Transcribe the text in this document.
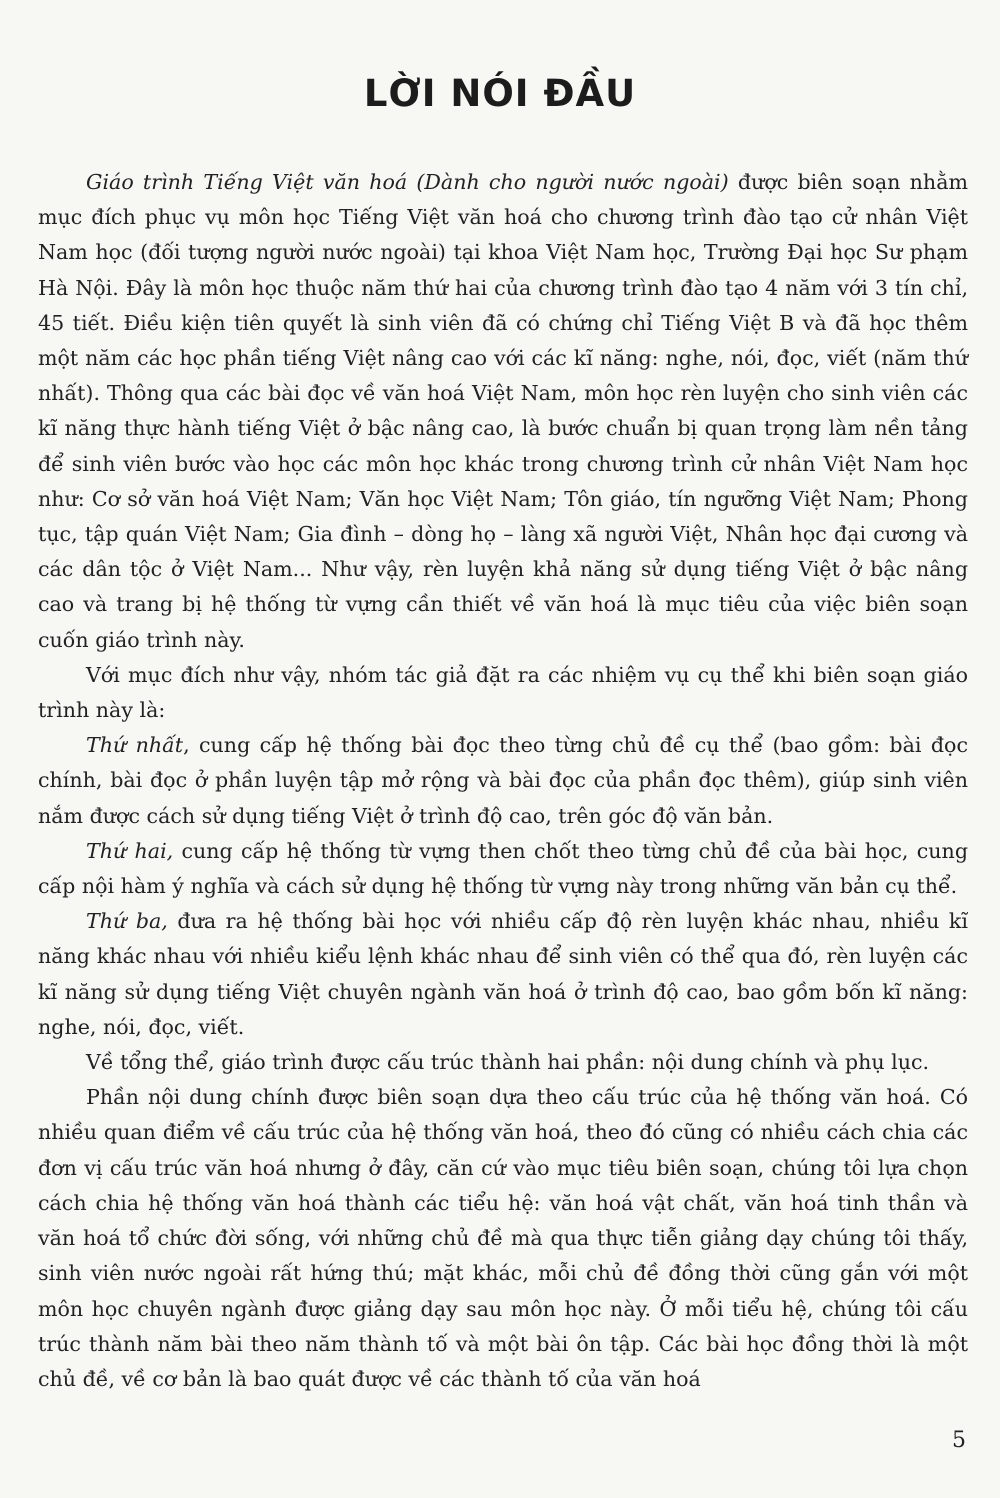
LỜI NÓI ĐẦU

Giáo trình Tiếng Việt văn hoá (Dành cho người nước ngoài) được biên soạn nhằm mục đích phục vụ môn học Tiếng Việt văn hoá cho chương trình đào tạo cử nhân Việt Nam học (đối tượng người nước ngoài) tại khoa Việt Nam học, Trường Đại học Sư phạm Hà Nội. Đây là môn học thuộc năm thứ hai của chương trình đào tạo 4 năm với 3 tín chỉ, 45 tiết. Điều kiện tiên quyết là sinh viên đã có chứng chỉ Tiếng Việt B và đã học thêm một năm các học phần tiếng Việt nâng cao với các kĩ năng: nghe, nói, đọc, viết (năm thứ nhất). Thông qua các bài đọc về văn hoá Việt Nam, môn học rèn luyện cho sinh viên các kĩ năng thực hành tiếng Việt ở bậc nâng cao, là bước chuẩn bị quan trọng làm nền tảng để sinh viên bước vào học các môn học khác trong chương trình cử nhân Việt Nam học như: Cơ sở văn hoá Việt Nam; Văn học Việt Nam; Tôn giáo, tín ngưỡng Việt Nam; Phong tục, tập quán Việt Nam; Gia đình – dòng họ – làng xã người Việt, Nhân học đại cương và các dân tộc ở Việt Nam... Như vậy, rèn luyện khả năng sử dụng tiếng Việt ở bậc nâng cao và trang bị hệ thống từ vựng cần thiết về văn hoá là mục tiêu của việc biên soạn cuốn giáo trình này.

Với mục đích như vậy, nhóm tác giả đặt ra các nhiệm vụ cụ thể khi biên soạn giáo trình này là:

Thứ nhất, cung cấp hệ thống bài đọc theo từng chủ đề cụ thể (bao gồm: bài đọc chính, bài đọc ở phần luyện tập mở rộng và bài đọc của phần đọc thêm), giúp sinh viên nắm được cách sử dụng tiếng Việt ở trình độ cao, trên góc độ văn bản.

Thứ hai, cung cấp hệ thống từ vựng then chốt theo từng chủ đề của bài học, cung cấp nội hàm ý nghĩa và cách sử dụng hệ thống từ vựng này trong những văn bản cụ thể.

Thứ ba, đưa ra hệ thống bài học với nhiều cấp độ rèn luyện khác nhau, nhiều kĩ năng khác nhau với nhiều kiểu lệnh khác nhau để sinh viên có thể qua đó, rèn luyện các kĩ năng sử dụng tiếng Việt chuyên ngành văn hoá ở trình độ cao, bao gồm bốn kĩ năng: nghe, nói, đọc, viết.

Về tổng thể, giáo trình được cấu trúc thành hai phần: nội dung chính và phụ lục.

Phần nội dung chính được biên soạn dựa theo cấu trúc của hệ thống văn hoá. Có nhiều quan điểm về cấu trúc của hệ thống văn hoá, theo đó cũng có nhiều cách chia các đơn vị cấu trúc văn hoá nhưng ở đây, căn cứ vào mục tiêu biên soạn, chúng tôi lựa chọn cách chia hệ thống văn hoá thành các tiểu hệ: văn hoá vật chất, văn hoá tinh thần và văn hoá tổ chức đời sống, với những chủ đề mà qua thực tiễn giảng dạy chúng tôi thấy, sinh viên nước ngoài rất hứng thú; mặt khác, mỗi chủ đề đồng thời cũng gắn với một môn học chuyên ngành được giảng dạy sau môn học này. Ở mỗi tiểu hệ, chúng tôi cấu trúc thành năm bài theo năm thành tố và một bài ôn tập. Các bài học đồng thời là một chủ đề, về cơ bản là bao quát được về các thành tố của văn hoá

5
